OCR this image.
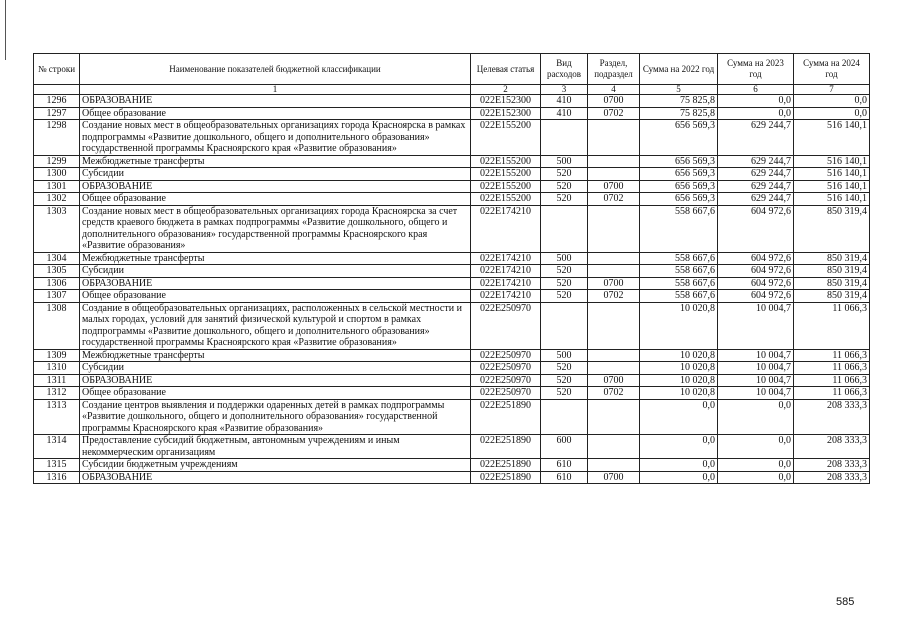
№ строки	Наименование показателей бюджетной классификации	Целевая статья	Вид расходов	Раздел, подраздел	Сумма на 2022 год	Сумма на 2023 год	Сумма на 2024 год
	1	2	3	4	5	6	7
1296	ОБРАЗОВАНИЕ	022E152300	410	0700	75 825,8	0,0	0,0
1297	Общее образование	022E152300	410	0702	75 825,8	0,0	0,0
1298	Создание новых мест в общеобразовательных организациях города Красноярска в рамках подпрограммы «Развитие дошкольного, общего и дополнительного образования» государственной программы Красноярского края «Развитие образования»	022E155200			656 569,3	629 244,7	516 140,1
1299	Межбюджетные трансферты	022E155200	500		656 569,3	629 244,7	516 140,1
1300	Субсидии	022E155200	520		656 569,3	629 244,7	516 140,1
1301	ОБРАЗОВАНИЕ	022E155200	520	0700	656 569,3	629 244,7	516 140,1
1302	Общее образование	022E155200	520	0702	656 569,3	629 244,7	516 140,1
1303	Создание новых мест в общеобразовательных организациях города Красноярска за счет средств краевого бюджета в рамках подпрограммы «Развитие дошкольного, общего и дополнительного образования» государственной программы Красноярского края «Развитие образования»	022E174210			558 667,6	604 972,6	850 319,4
1304	Межбюджетные трансферты	022E174210	500		558 667,6	604 972,6	850 319,4
1305	Субсидии	022E174210	520		558 667,6	604 972,6	850 319,4
1306	ОБРАЗОВАНИЕ	022E174210	520	0700	558 667,6	604 972,6	850 319,4
1307	Общее образование	022E174210	520	0702	558 667,6	604 972,6	850 319,4
1308	Создание в общеобразовательных организациях, расположенных в сельской местности и малых городах, условий для занятий физической культурой и спортом в рамках подпрограммы «Развитие дошкольного, общего и дополнительного образования» государственной программы Красноярского края «Развитие образования»	022E250970			10 020,8	10 004,7	11 066,3
1309	Межбюджетные трансферты	022E250970	500		10 020,8	10 004,7	11 066,3
1310	Субсидии	022E250970	520		10 020,8	10 004,7	11 066,3
1311	ОБРАЗОВАНИЕ	022E250970	520	0700	10 020,8	10 004,7	11 066,3
1312	Общее образование	022E250970	520	0702	10 020,8	10 004,7	11 066,3
1313	Создание центров выявления и поддержки одаренных детей в рамках подпрограммы «Развитие дошкольного, общего и дополнительного образования» государственной программы Красноярского края «Развитие образования»	022E251890			0,0	0,0	208 333,3
1314	Предоставление субсидий бюджетным, автономным учреждениям и иным некоммерческим организациям	022E251890	600		0,0	0,0	208 333,3
1315	Субсидии бюджетным учреждениям	022E251890	610		0,0	0,0	208 333,3
1316	ОБРАЗОВАНИЕ	022E251890	610	0700	0,0	0,0	208 333,3
585
